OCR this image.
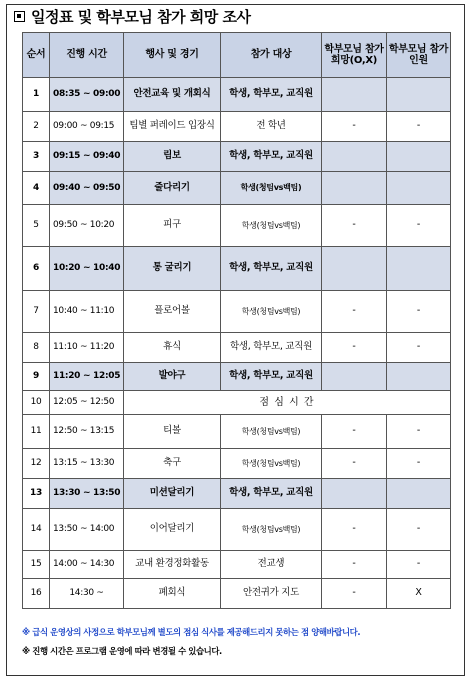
일정표 및 학부모님 참가 희망 조사
순서	진행 시간	행사 및 경기	참가 대상	학부모님 참가 희망(O,X)	학부모님 참가 인원
1	08:35 ~ 09:00	안전교육 및 개회식	학생, 학부모, 교직원		
2	09:00 ~ 09:15	팀별 퍼레이드 입장식	전 학년	-	-
3	09:15 ~ 09:40	림보	학생, 학부모, 교직원		
4	09:40 ~ 09:50	줄다리기	학생(청팀vs백팀)		
5	09:50 ~ 10:20	피구	학생(청팀vs백팀)	-	-
6	10:20 ~ 10:40	통 굴리기	학생, 학부모, 교직원		
7	10:40 ~ 11:10	플로어볼	학생(청팀vs백팀)	-	-
8	11:10 ~ 11:20	휴식	학생, 학부모, 교직원	-	-
9	11:20 ~ 12:05	발야구	학생, 학부모, 교직원		
10	12:05 ~ 12:50	점 심 시 간			
11	12:50 ~ 13:15	티볼	학생(청팀vs백팀)	-	-
12	13:15 ~ 13:30	축구	학생(청팀vs백팀)	-	-
13	13:30 ~ 13:50	미션달리기	학생, 학부모, 교직원		
14	13:50 ~ 14:00	이어달리기	학생(청팀vs백팀)	-	-
15	14:00 ~ 14:30	교내 환경정화활동	전교생	-	-
16	14:30 ~	폐회식	안전귀가 지도	-	X
※ 급식 운영상의 사정으로 학부모님께 별도의 점심 식사를 제공해드리지 못하는 점 양해바랍니다.
※ 진행 시간은 프로그램 운영에 따라 변경될 수 있습니다.
